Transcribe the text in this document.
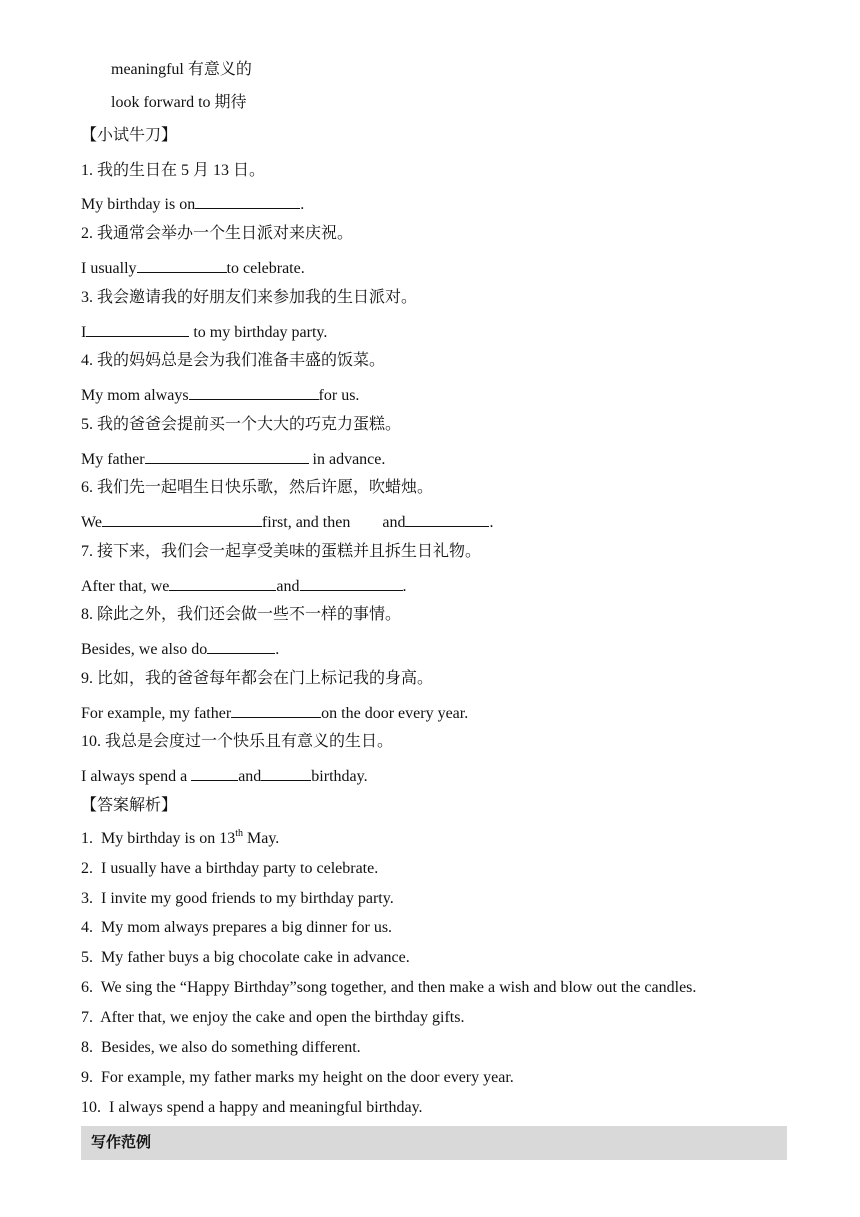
meaningful 有意义的
look forward to 期待
【小试牛刀】
1. 我的生日在 5 月 13 日。
My birthday is on	.
2. 我通常会举办一个生日派对来庆祝。
I usually	to celebrate.
3. 我会邀请我的好朋友们来参加我的生日派对。
I	to my birthday party.
4. 我的妈妈总是会为我们准备丰盛的饭菜。
My mom always	for us.
5. 我的爸爸会提前买一个大大的巧克力蛋糕。
My father	in advance.
6. 我们先一起唱生日快乐歌，然后许愿，吹蜡烛。
We	first, and then and	.
7. 接下来，我们会一起享受美味的蛋糕并且拆生日礼物。
After that, we	and	.
8. 除此之外，我们还会做一些不一样的事情。
Besides, we also do	.
9. 比如，我的爸爸每年都会在门上标记我的身高。
For example, my father	on the door every year.
10. 我总是会度过一个快乐且有意义的生日。
I always spend a	and	birthday.
【答案解析】
1.  My birthday is on 13th May.
2.  I usually have a birthday party to celebrate.
3.  I invite my good friends to my birthday party.
4.  My mom always prepares a big dinner for us.
5.  My father buys a big chocolate cake in advance.
6.  We sing the “Happy Birthday”song together, and then make a wish and blow out the candles.
7.  After that, we enjoy the cake and open the birthday gifts.
8.  Besides, we also do something different.
9.  For example, my father marks my height on the door every year.
10.  I always spend a happy and meaningful birthday.
写作范例
